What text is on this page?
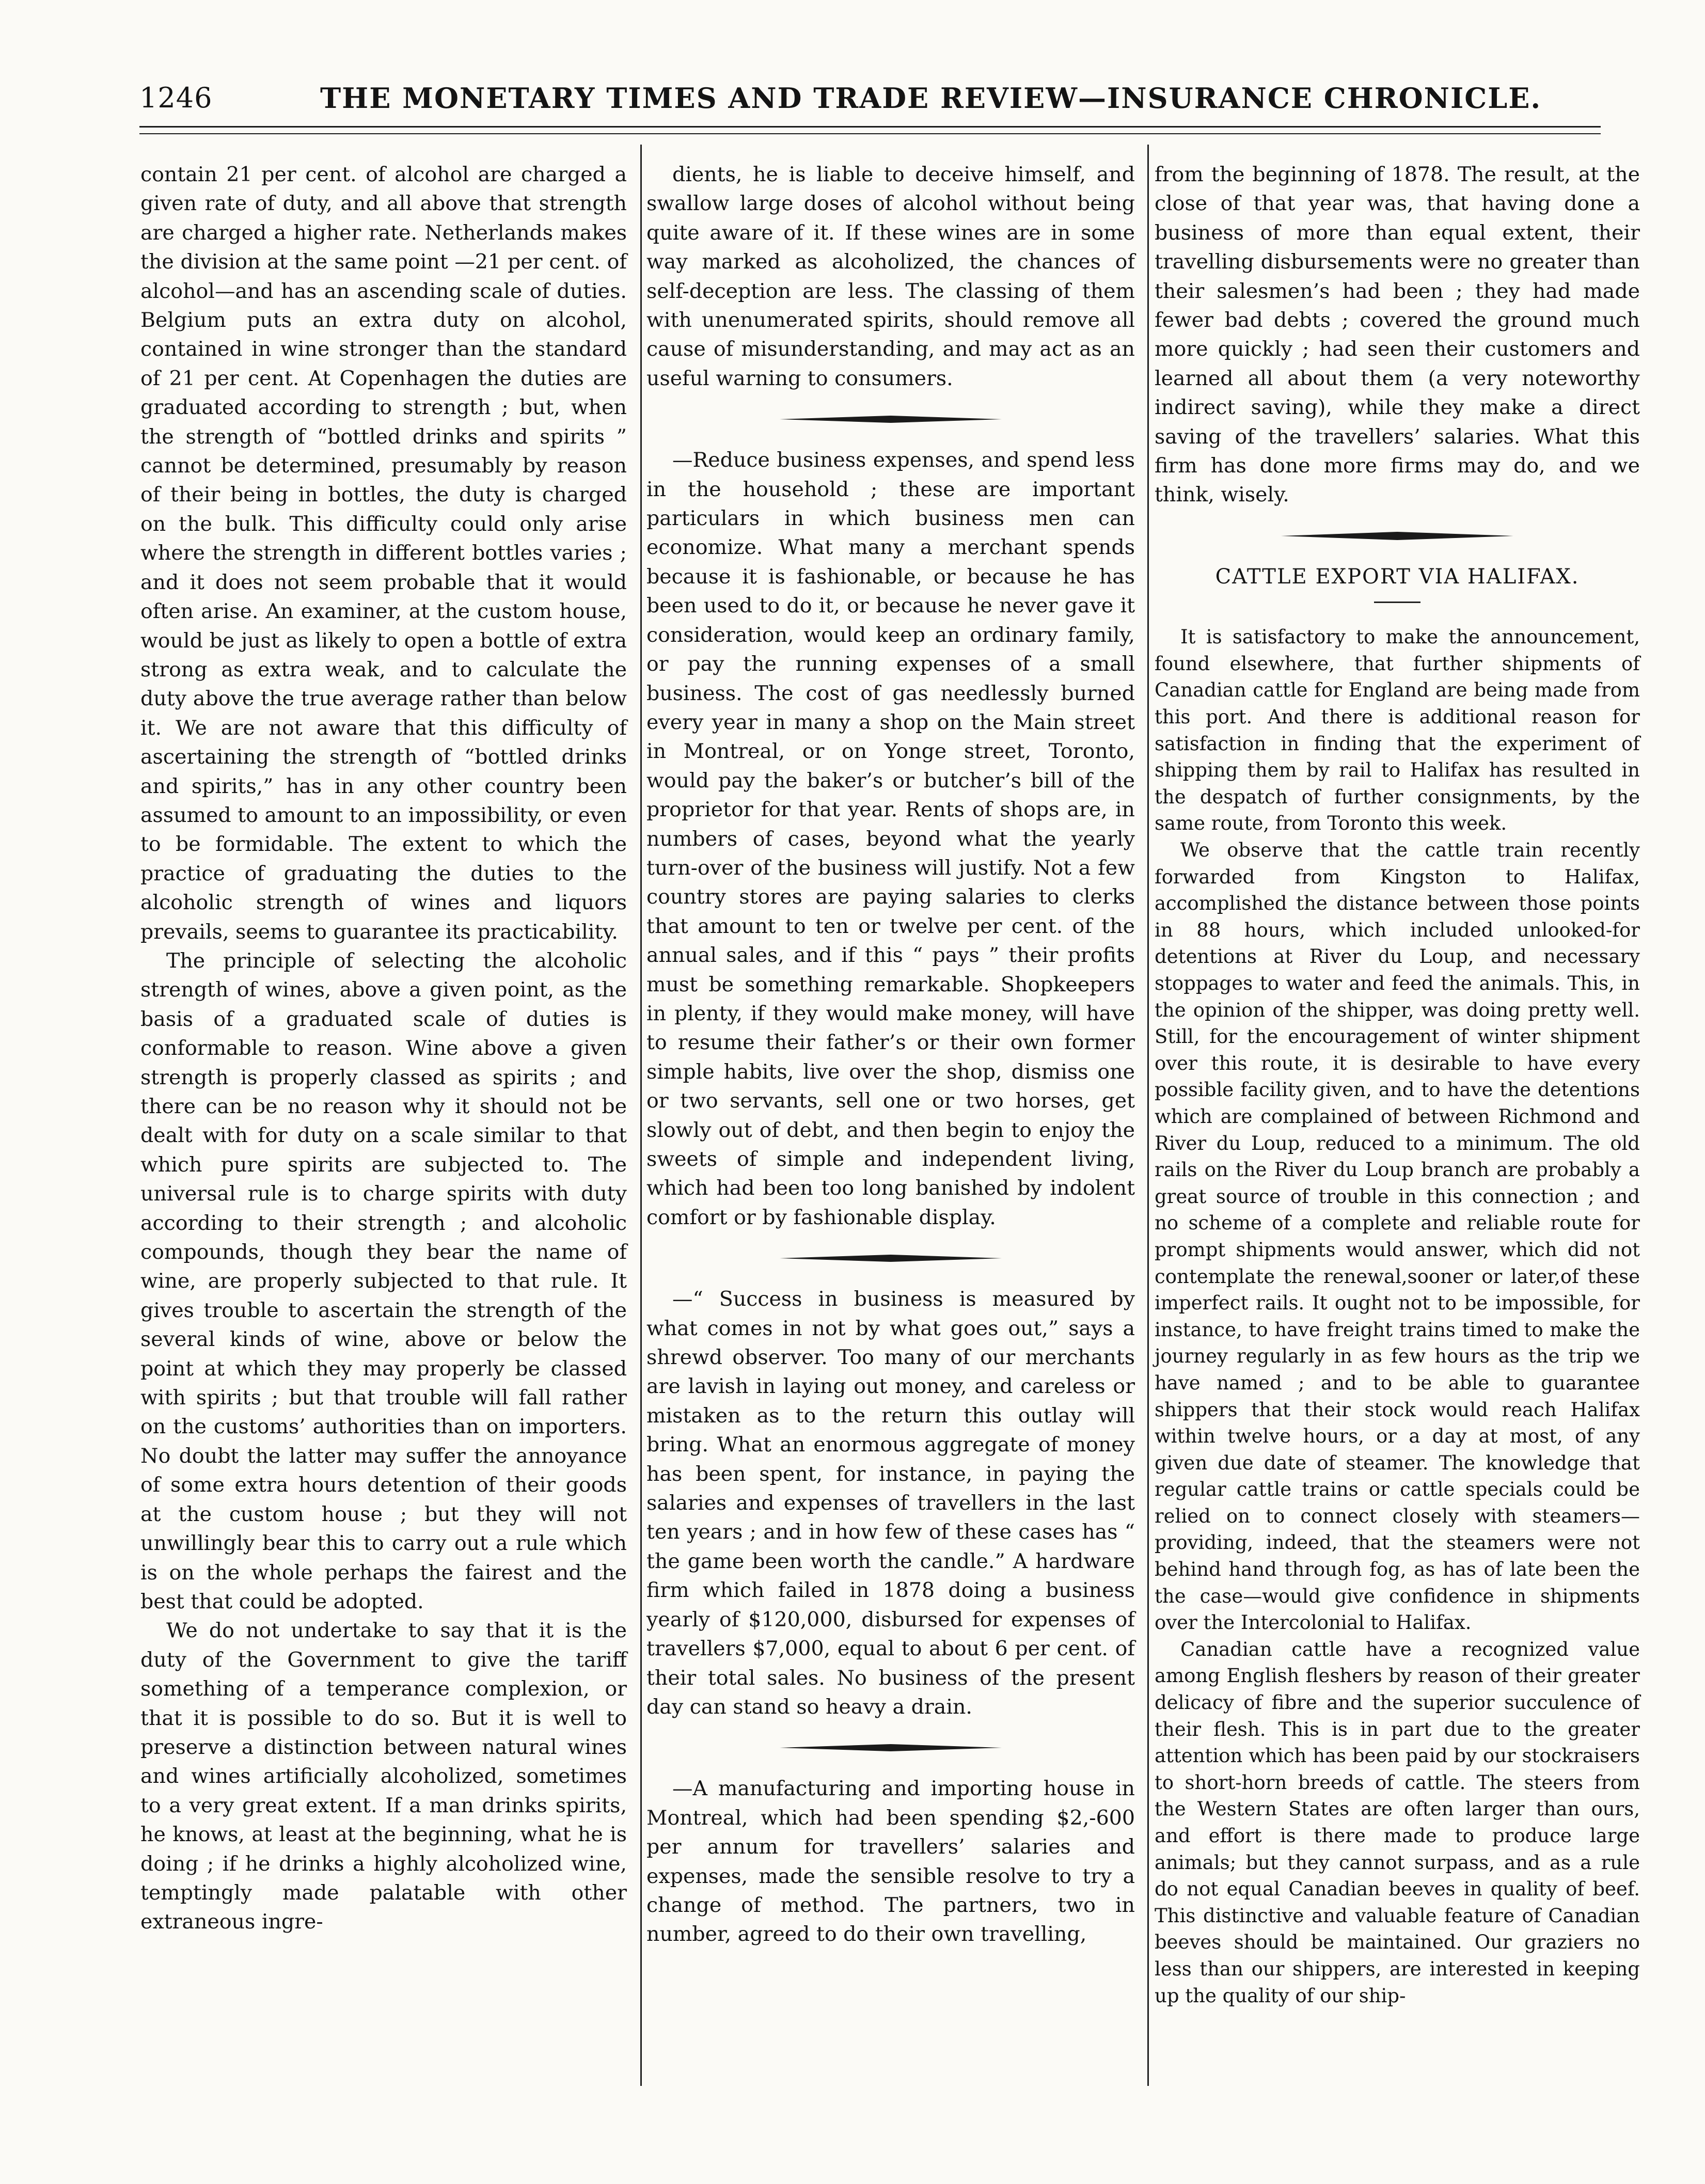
1246	THE MONETARY TIMES AND TRADE REVIEW—INSURANCE CHRONICLE.

contain 21 per cent. of alcohol are charged a given rate of duty, and all above that strength are charged a higher rate. Netherlands makes the division at the same point —21 per cent. of alcohol—and has an ascending scale of duties. Belgium puts an extra duty on alcohol, contained in wine stronger than the standard of 21 per cent. At Copenhagen the duties are graduated according to strength ; but, when the strength of “bottled drinks and spirits ” cannot be determined, presumably by reason of their being in bottles, the duty is charged on the bulk. This difficulty could only arise where the strength in different bottles varies ; and it does not seem probable that it would often arise. An examiner, at the custom house, would be just as likely to open a bottle of extra strong as extra weak, and to calculate the duty above the true average rather than below it. We are not aware that this difficulty of ascertaining the strength of “bottled drinks and spirits,” has in any other country been assumed to amount to an impossibility, or even to be formidable. The extent to which the practice of graduating the duties to the alcoholic strength of wines and liquors prevails, seems to guarantee its practicability.

The principle of selecting the alcoholic strength of wines, above a given point, as the basis of a graduated scale of duties is conformable to reason. Wine above a given strength is properly classed as spirits ; and there can be no reason why it should not be dealt with for duty on a scale similar to that which pure spirits are subjected to. The universal rule is to charge spirits with duty according to their strength ; and alcoholic compounds, though they bear the name of wine, are properly subjected to that rule. It gives trouble to ascertain the strength of the several kinds of wine, above or below the point at which they may properly be classed with spirits ; but that trouble will fall rather on the customs’ authorities than on importers. No doubt the latter may suffer the annoyance of some extra hours detention of their goods at the custom house ; but they will not unwillingly bear this to carry out a rule which is on the whole perhaps the fairest and the best that could be adopted.

We do not undertake to say that it is the duty of the Government to give the tariff something of a temperance complexion, or that it is possible to do so. But it is well to preserve a distinction between natural wines and wines artificially alcoholized, sometimes to a very great extent. If a man drinks spirits, he knows, at least at the beginning, what he is doing ; if he drinks a highly alcoholized wine, temptingly made palatable with other extraneous ingre-

dients, he is liable to deceive himself, and swallow large doses of alcohol without being quite aware of it. If these wines are in some way marked as alcoholized, the chances of self-deception are less. The classing of them with unenumerated spirits, should remove all cause of misunderstanding, and may act as an useful warning to consumers.

—Reduce business expenses, and spend less in the household ; these are important particulars in which business men can economize. What many a merchant spends because it is fashionable, or because he has been used to do it, or because he never gave it consideration, would keep an ordinary family, or pay the running expenses of a small business. The cost of gas needlessly burned every year in many a shop on the Main street in Montreal, or on Yonge street, Toronto, would pay the baker’s or butcher’s bill of the proprietor for that year. Rents of shops are, in numbers of cases, beyond what the yearly turn-over of the business will justify. Not a few country stores are paying salaries to clerks that amount to ten or twelve per cent. of the annual sales, and if this “ pays ” their profits must be something remarkable. Shopkeepers in plenty, if they would make money, will have to resume their father’s or their own former simple habits, live over the shop, dismiss one or two servants, sell one or two horses, get slowly out of debt, and then begin to enjoy the sweets of simple and independent living, which had been too long banished by indolent comfort or by fashionable display.

—“ Success in business is measured by what comes in not by what goes out,” says a shrewd observer. Too many of our merchants are lavish in laying out money, and careless or mistaken as to the return this outlay will bring. What an enormous aggregate of money has been spent, for instance, in paying the salaries and expenses of travellers in the last ten years ; and in how few of these cases has “ the game been worth the candle.” A hardware firm which failed in 1878 doing a business yearly of $120,000, disbursed for expenses of travellers $7,000, equal to about 6 per cent. of their total sales. No business of the present day can stand so heavy a drain.

—A manufacturing and importing house in Montreal, which had been spending $2,-600 per annum for travellers’ salaries and expenses, made the sensible resolve to try a change of method. The partners, two in number, agreed to do their own travelling,

from the beginning of 1878. The result, at the close of that year was, that having done a business of more than equal extent, their travelling disbursements were no greater than their salesmen’s had been ; they had made fewer bad debts ; covered the ground much more quickly ; had seen their customers and learned all about them (a very noteworthy indirect saving), while they make a direct saving of the travellers’ salaries. What this firm has done more firms may do, and we think, wisely.

CATTLE EXPORT VIA HALIFAX.

It is satisfactory to make the announcement, found elsewhere, that further shipments of Canadian cattle for England are being made from this port. And there is additional reason for satisfaction in finding that the experiment of shipping them by rail to Halifax has resulted in the despatch of further consignments, by the same route, from Toronto this week.

We observe that the cattle train recently forwarded from Kingston to Halifax, accomplished the distance between those points in 88 hours, which included unlooked-for detentions at River du Loup, and necessary stoppages to water and feed the animals. This, in the opinion of the shipper, was doing pretty well. Still, for the encouragement of winter shipment over this route, it is desirable to have every possible facility given, and to have the detentions which are complained of between Richmond and River du Loup, reduced to a minimum. The old rails on the River du Loup branch are probably a great source of trouble in this connection ; and no scheme of a complete and reliable route for prompt shipments would answer, which did not contemplate the renewal,sooner or later,of these imperfect rails. It ought not to be impossible, for instance, to have freight trains timed to make the journey regularly in as few hours as the trip we have named ; and to be able to guarantee shippers that their stock would reach Halifax within twelve hours, or a day at most, of any given due date of steamer. The knowledge that regular cattle trains or cattle specials could be relied on to connect closely with steamers—providing, indeed, that the steamers were not behind hand through fog, as has of late been the the case—would give confidence in shipments over the Intercolonial to Halifax.

Canadian cattle have a recognized value among English fleshers by reason of their greater delicacy of fibre and the superior succulence of their flesh. This is in part due to the greater attention which has been paid by our stockraisers to short-horn breeds of cattle. The steers from the Western States are often larger than ours, and effort is there made to produce large animals; but they cannot surpass, and as a rule do not equal Canadian beeves in quality of beef. This distinctive and valuable feature of Canadian beeves should be maintained. Our graziers no less than our shippers, are interested in keeping up the quality of our ship-
